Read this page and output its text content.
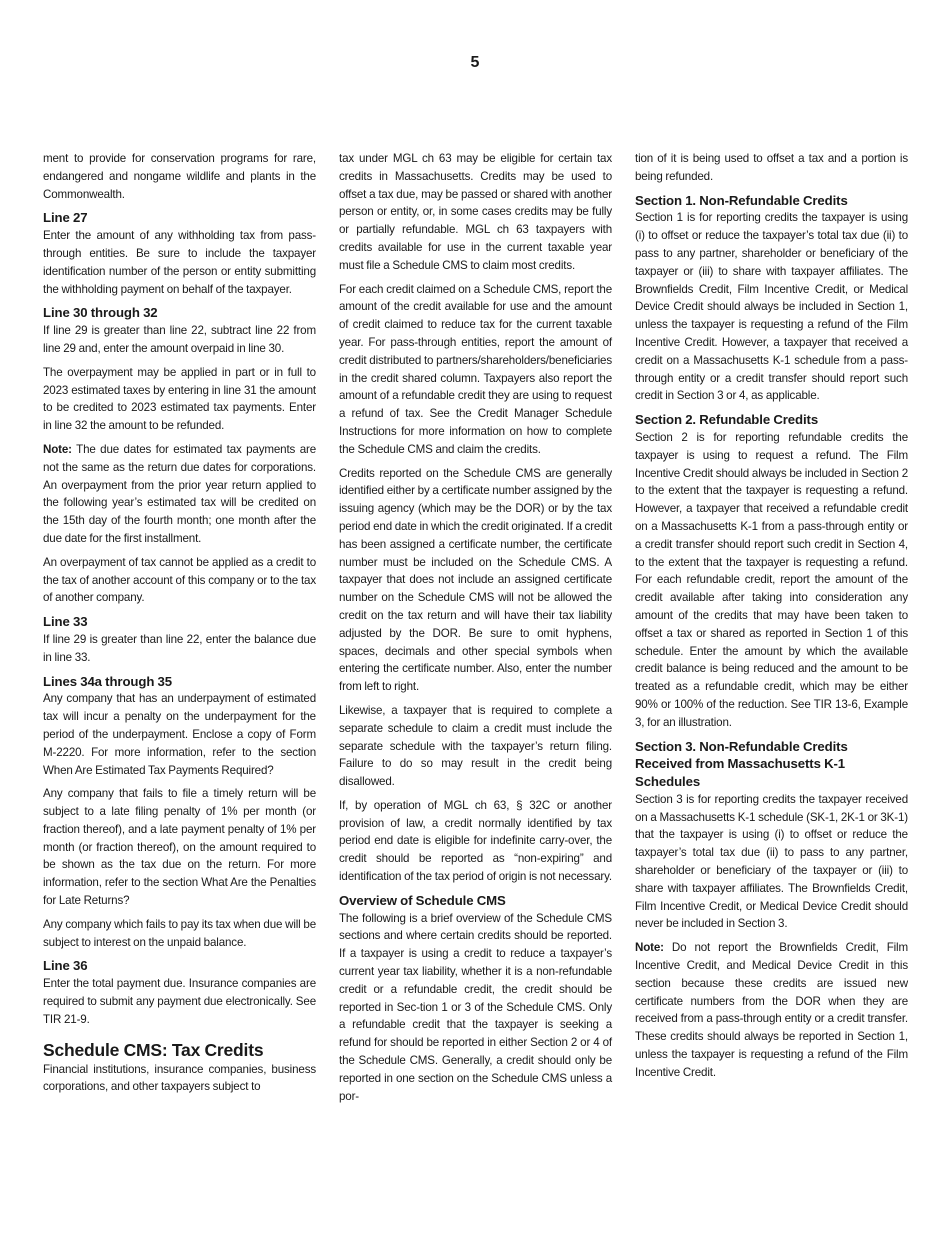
5

ment to provide for conservation programs for rare, endangered and nongame wildlife and plants in the Commonwealth.

Line 27

Enter the amount of any withholding tax from pass-through entities. Be sure to include the taxpayer identification number of the person or entity submitting the withholding payment on behalf of the taxpayer.

Line 30 through 32

If line 29 is greater than line 22, subtract line 22 from line 29 and, enter the amount overpaid in line 30.

The overpayment may be applied in part or in full to 2023 estimated taxes by entering in line 31 the amount to be credited to 2023 estimated tax payments. Enter in line 32 the amount to be refunded.

Note: The due dates for estimated tax payments are not the same as the return due dates for corporations. An overpayment from the prior year return applied to the following year’s estimated tax will be credited on the 15th day of the fourth month; one month after the due date for the first installment.

An overpayment of tax cannot be applied as a credit to the tax of another account of this company or to the tax of another company.

Line 33

If line 29 is greater than line 22, enter the balance due in line 33.

Lines 34a through 35

Any company that has an underpayment of estimated tax will incur a penalty on the underpayment for the period of the underpayment. Enclose a copy of Form M-2220. For more information, refer to the section When Are Estimated Tax Payments Required?

Any company that fails to file a timely return will be subject to a late filing penalty of 1% per month (or fraction thereof), and a late payment penalty of 1% per month (or fraction thereof), on the amount required to be shown as the tax due on the return. For more information, refer to the section What Are the Penalties for Late Returns?

Any company which fails to pay its tax when due will be subject to interest on the unpaid balance.

Line 36

Enter the total payment due. Insurance companies are required to submit any payment due electronically. See TIR 21-9.

Schedule CMS: Tax Credits

Financial institutions, insurance companies, business corporations, and other taxpayers subject to

tax under MGL ch 63 may be eligible for certain tax credits in Massachusetts. Credits may be used to offset a tax due, may be passed or shared with another person or entity, or, in some cases credits may be fully or partially refundable. MGL ch 63 taxpayers with credits available for use in the current taxable year must file a Schedule CMS to claim most credits.

For each credit claimed on a Schedule CMS, report the amount of the credit available for use and the amount of credit claimed to reduce tax for the current taxable year. For pass-through entities, report the amount of credit distributed to partners/shareholders/beneficiaries in the credit shared column. Taxpayers also report the amount of a refundable credit they are using to request a refund of tax. See the Credit Manager Schedule Instructions for more information on how to complete the Schedule CMS and claim the credits.

Credits reported on the Schedule CMS are generally identified either by a certificate number assigned by the issuing agency (which may be the DOR) or by the tax period end date in which the credit originated. If a credit has been assigned a certificate number, the certificate number must be included on the Schedule CMS. A taxpayer that does not include an assigned certificate number on the Schedule CMS will not be allowed the credit on the tax return and will have their tax liability adjusted by the DOR. Be sure to omit hyphens, spaces, decimals and other special symbols when entering the certificate number. Also, enter the number from left to right.

Likewise, a taxpayer that is required to complete a separate schedule to claim a credit must include the separate schedule with the taxpayer’s return filing. Failure to do so may result in the credit being disallowed.

If, by operation of MGL ch 63, § 32C or another provision of law, a credit normally identified by tax period end date is eligible for indefinite carry-over, the credit should be reported as “non-expiring” and identification of the tax period of origin is not necessary.

Overview of Schedule CMS

The following is a brief overview of the Schedule CMS sections and where certain credits should be reported. If a taxpayer is using a credit to reduce a taxpayer’s current year tax liability, whether it is a non-refundable credit or a refundable credit, the credit should be reported in Sec-tion 1 or 3 of the Schedule CMS. Only a refundable credit that the taxpayer is seeking a refund for should be reported in either Section 2 or 4 of the Schedule CMS. Generally, a credit should only be reported in one section on the Schedule CMS unless a por-

tion of it is being used to offset a tax and a portion is being refunded.

Section 1. Non-Refundable Credits

Section 1 is for reporting credits the taxpayer is using (i) to offset or reduce the taxpayer’s total tax due (ii) to pass to any partner, shareholder or beneficiary of the taxpayer or (iii) to share with taxpayer affiliates. The Brownfields Credit, Film Incentive Credit, or Medical Device Credit should always be included in Section 1, unless the taxpayer is requesting a refund of the Film Incentive Credit. However, a taxpayer that received a credit on a Massachusetts K-1 schedule from a pass-through entity or a credit transfer should report such credit in Section 3 or 4, as applicable.

Section 2. Refundable Credits

Section 2 is for reporting refundable credits the taxpayer is using to request a refund. The Film Incentive Credit should always be included in Section 2 to the extent that the taxpayer is requesting a refund. However, a taxpayer that received a refundable credit on a Massachusetts K-1 from a pass-through entity or a credit transfer should report such credit in Section 4, to the extent that the taxpayer is requesting a refund. For each refundable credit, report the amount of the credit available after taking into consideration any amount of the credits that may have been taken to offset a tax or shared as reported in Section 1 of this schedule. Enter the amount by which the available credit balance is being reduced and the amount to be treated as a refundable credit, which may be either 90% or 100% of the reduction. See TIR 13-6, Example 3, for an illustration.

Section 3. Non-Refundable Credits Received from Massachusetts K-1 Schedules

Section 3 is for reporting credits the taxpayer received on a Massachusetts K-1 schedule (SK-1, 2K-1 or 3K-1) that the taxpayer is using (i) to offset or reduce the taxpayer’s total tax due (ii) to pass to any partner, shareholder or beneficiary of the taxpayer or (iii) to share with taxpayer affiliates. The Brownfields Credit, Film Incentive Credit, or Medical Device Credit should never be included in Section 3.

Note: Do not report the Brownfields Credit, Film Incentive Credit, and Medical Device Credit in this section because these credits are issued new certificate numbers from the DOR when they are received from a pass-through entity or a credit transfer. These credits should always be reported in Section 1, unless the taxpayer is requesting a refund of the Film Incentive Credit.
